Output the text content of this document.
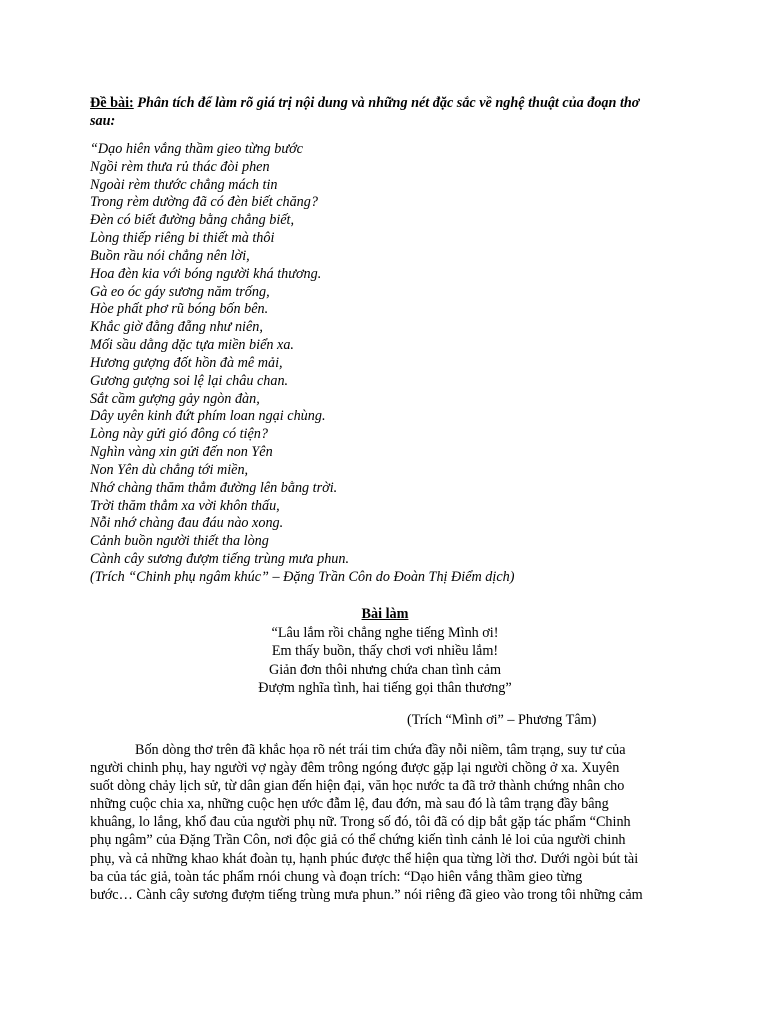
Đề bài: Phân tích để làm rõ giá trị nội dung và những nét đặc sắc về nghệ thuật của đoạn thơ
sau:
“Dạo hiên vắng thầm gieo từng bước
Ngồi rèm thưa rủ thác đòi phen
Ngoài rèm thước chẳng mách tin
Trong rèm dường đã có đèn biết chăng?
Đèn có biết đường bằng chẳng biết,
Lòng thiếp riêng bi thiết mà thôi
Buồn rầu nói chẳng nên lời,
Hoa đèn kia với bóng người khá thương.
Gà eo óc gáy sương năm trống,
Hòe phất phơ rũ bóng bốn bên.
Khắc giờ đằng đẵng như niên,
Mối sầu dằng dặc tựa miền biển xa.
Hương gượng đốt hồn đà mê mải,
Gương gượng soi lệ lại châu chan.
Sắt cầm gượng gảy ngòn đàn,
Dây uyên kinh đứt phím loan ngại chùng.
Lòng này gửi gió đông có tiện?
Nghìn vàng xin gửi đến non Yên
Non Yên dù chẳng tới miền,
Nhớ chàng thăm thẳm đường lên bằng trời.
Trời thăm thẳm xa vời khôn thấu,
Nỗi nhớ chàng đau đáu nào xong.
Cảnh buồn người thiết tha lòng
Cành cây sương đượm tiếng trùng mưa phun.
(Trích “Chinh phụ ngâm khúc” – Đặng Trần Côn do Đoàn Thị Điểm dịch)
Bài làm
“Lâu lắm rồi chẳng nghe tiếng Mình ơi!
Em thấy buồn, thấy chơi vơi nhiều lắm!
Giản đơn thôi nhưng chứa chan tình cảm
Đượm nghĩa tình, hai tiếng gọi thân thương”
(Trích “Mình ơi” – Phương Tâm)
Bốn dòng thơ trên đã khắc họa rõ nét trái tim chứa đầy nỗi niềm, tâm trạng, suy tư của
người chinh phụ, hay người vợ ngày đêm trông ngóng được gặp lại người chồng ở xa. Xuyên
suốt dòng chảy lịch sử, từ dân gian đến hiện đại, văn học nước ta đã trở thành chứng nhân cho
những cuộc chia xa, những cuộc hẹn ước đẫm lệ, đau đớn, mà sau đó là tâm trạng đầy bâng
khuâng, lo lắng, khổ đau của người phụ nữ. Trong số đó, tôi đã có dịp bắt gặp tác phẩm “Chinh
phụ ngâm” của Đặng Trần Côn, nơi độc giả có thể chứng kiến tình cảnh lẻ loi của người chinh
phụ, và cả những khao khát đoàn tụ, hạnh phúc được thể hiện qua từng lời thơ. Dưới ngòi bút tài
ba của tác giả, toàn tác phẩm rnói chung và đoạn trích: “Dạo hiên vắng thầm gieo từng
bước… Cành cây sương đượm tiếng trùng mưa phun.” nói riêng đã gieo vào trong tôi những cảm
